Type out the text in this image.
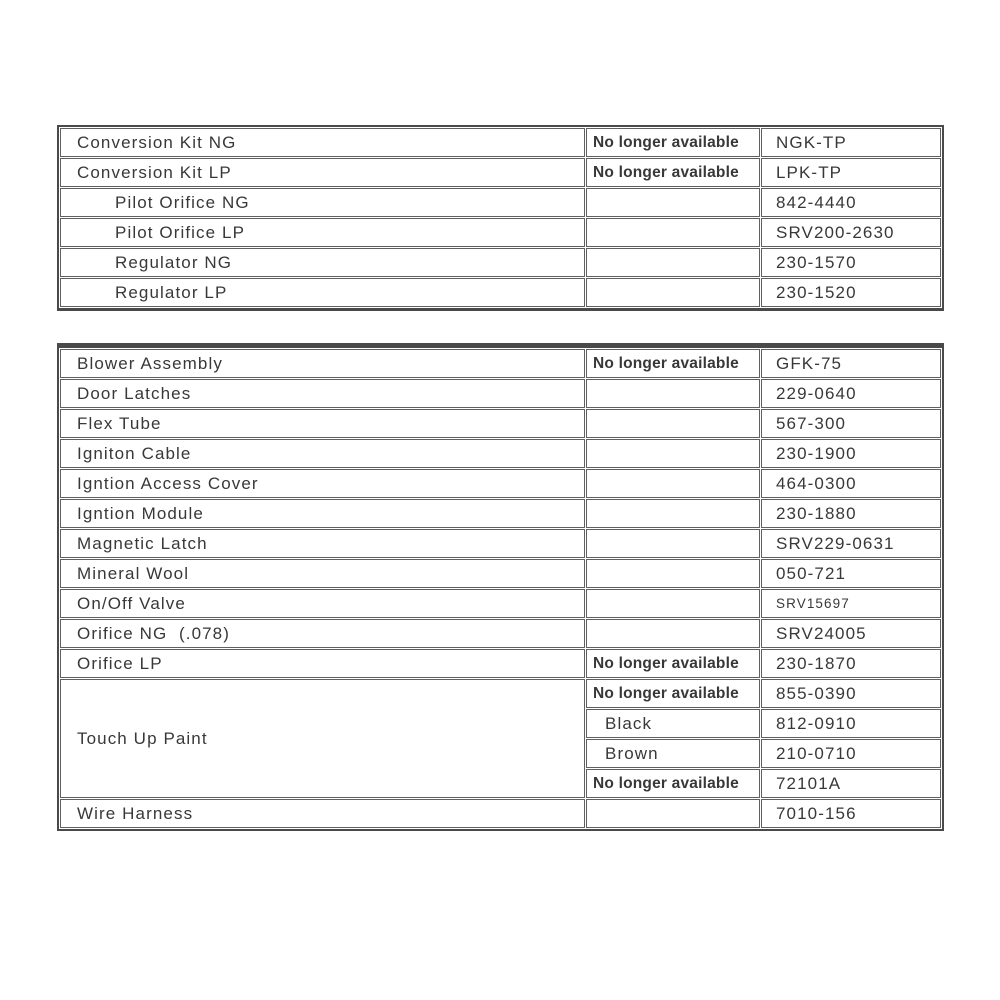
Conversion Kit NG	No longer available	NGK-TP
Conversion Kit LP	No longer available	LPK-TP
Pilot Orifice NG		842-4440
Pilot Orifice LP		SRV200-2630
Regulator NG		230-1570
Regulator LP		230-1520
Blower Assembly	No longer available	GFK-75
Door Latches		229-0640
Flex Tube		567-300
Igniton Cable		230-1900
Igntion Access Cover		464-0300
Igntion Module		230-1880
Magnetic Latch		SRV229-0631
Mineral Wool		050-721
On/Off Valve		SRV15697
Orifice NG  (.078)		SRV24005
Orifice LP	No longer available	230-1870
Touch Up Paint	No longer available	855-0390
	Black	812-0910
	Brown	210-0710
	No longer available	72101A
Wire Harness		7010-156
